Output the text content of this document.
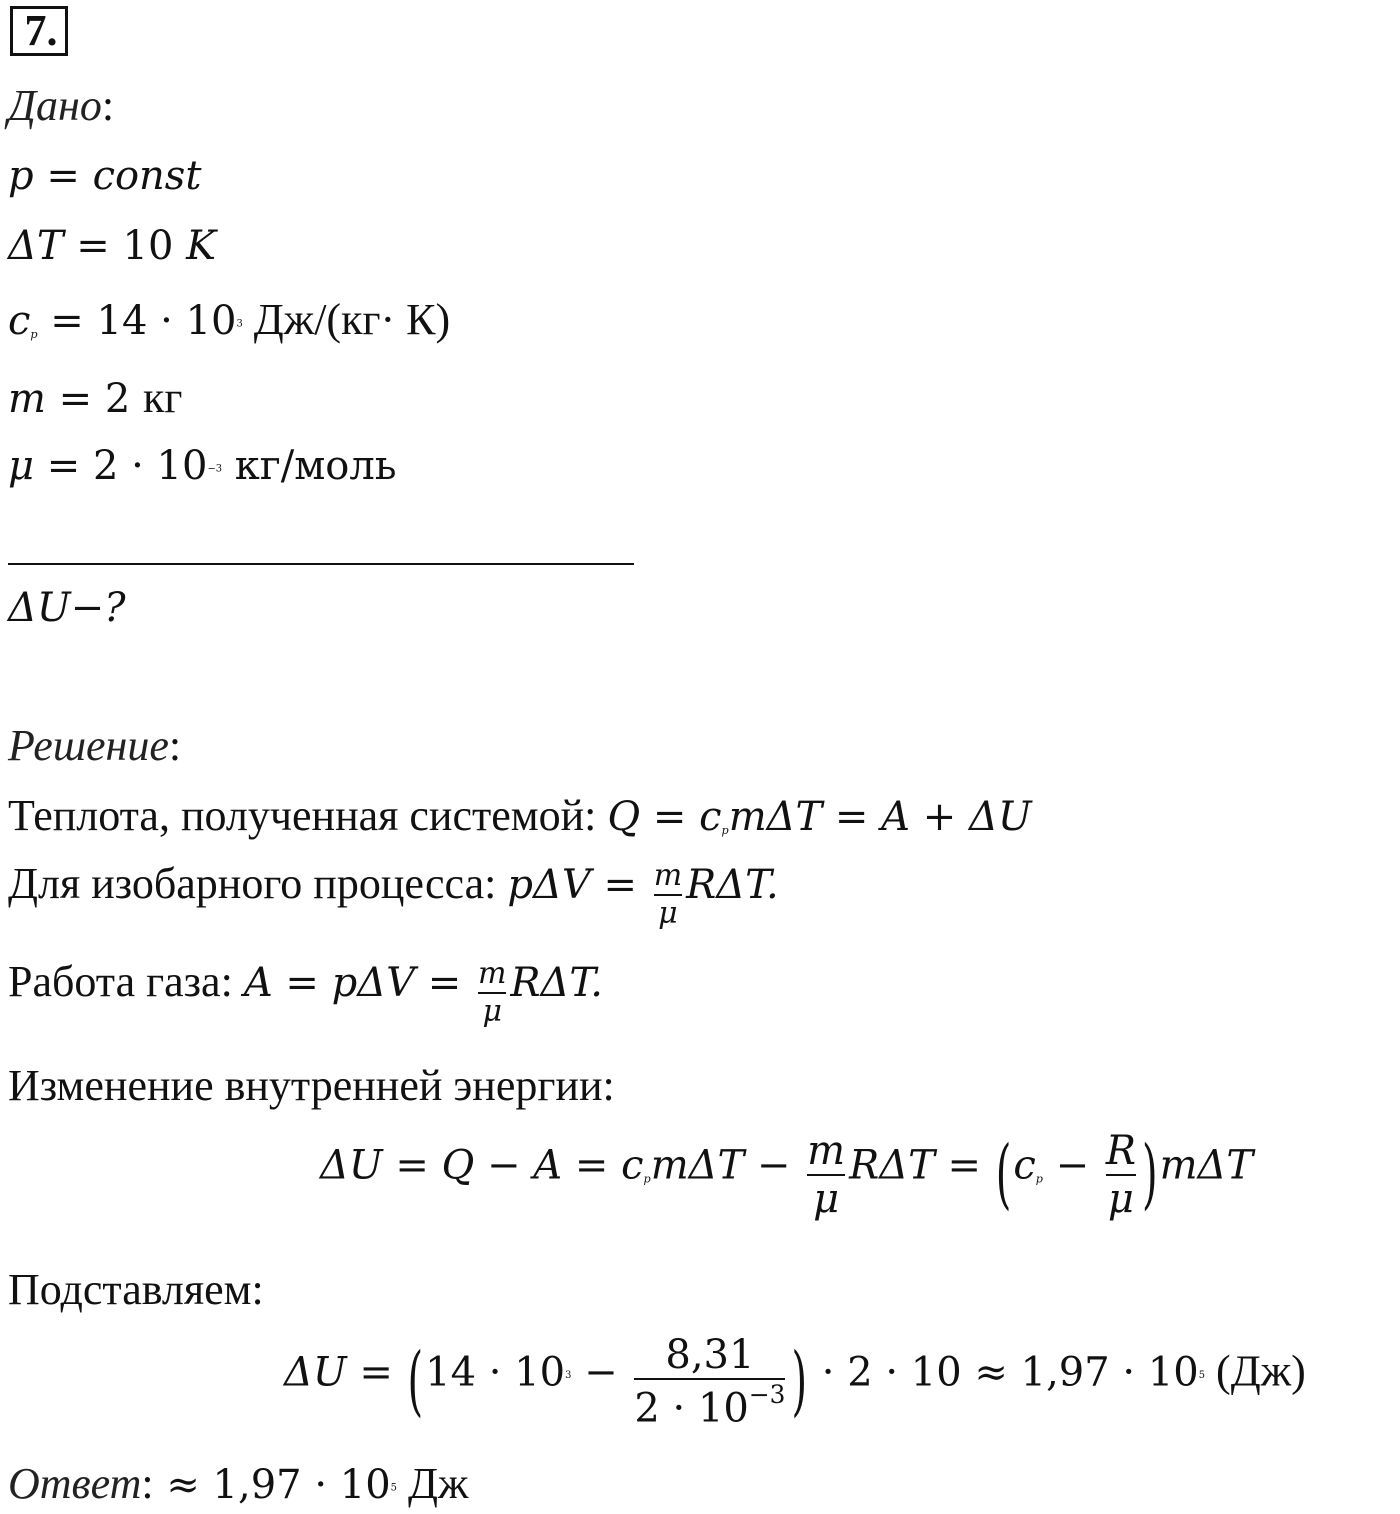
7.
Дано:
p = const
ΔT = 10 K
$c_p = 14 \cdot 10^3$ Дж/(кг· К)
m = 2 кг
$\mu = 2 \cdot 10^{-3}$ кг/моль
ΔU−?
Решение:
Теплота, полученная системой: $Q = c_pm\Delta T = A + \Delta U$
Для изобарного процесса: $p\Delta V = \frac{m}{\mu} R\Delta T$.
Работа газа: $A = p\Delta V = \frac{m}{\mu} R\Delta T$.
Изменение внутренней энергии:
$\Delta U = Q - A = c_pm\Delta T - \frac{m}{\mu}$ $R\Delta T = (c_p - \frac{R}{\mu} )m\Delta T$
Подставляем:
$\Delta U = (14 \cdot 10^3 - \frac{8,31}{2 \cdot 10^{-3}}$ ) · $2 \cdot 10 \approx 1,97 \cdot 10^5$ (Дж)
Ответ: ≈ $1,97 \cdot 10^5$ Дж
